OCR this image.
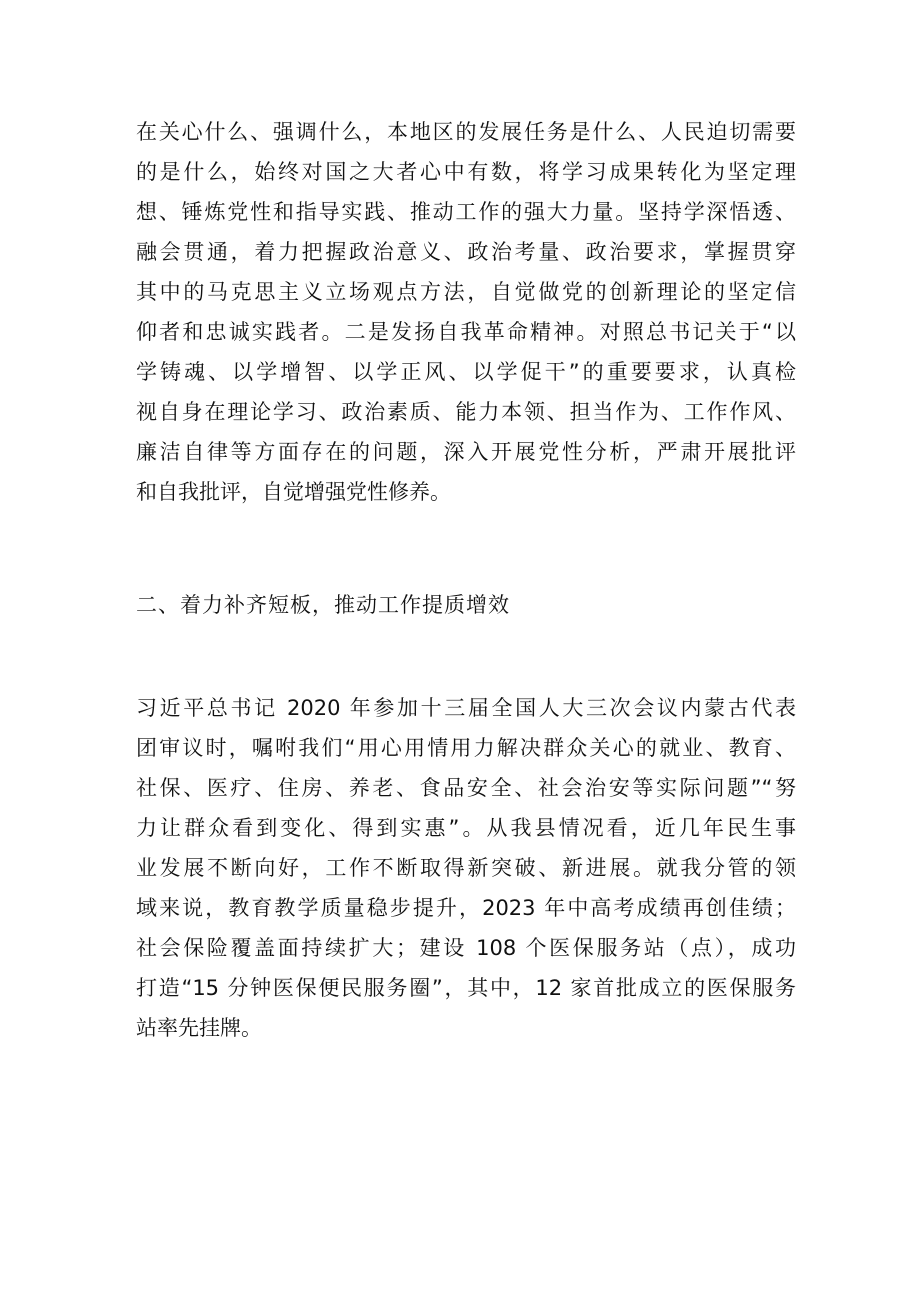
在关心什么、强调什么，本地区的发展任务是什么、人民迫切需要
的是什么，始终对国之大者心中有数，将学习成果转化为坚定理
想、锤炼党性和指导实践、推动工作的强大力量。坚持学深悟透、
融会贯通，着力把握政治意义、政治考量、政治要求，掌握贯穿
其中的马克思主义立场观点方法，自觉做党的创新理论的坚定信
仰者和忠诚实践者。二是发扬自我革命精神。对照总书记关于“以
学铸魂、以学增智、以学正风、以学促干”的重要要求，认真检
视自身在理论学习、政治素质、能力本领、担当作为、工作作风、
廉洁自律等方面存在的问题，深入开展党性分析，严肃开展批评
和自我批评，自觉增强党性修养。
二、着力补齐短板，推动工作提质增效
习近平总书记 2020 年参加十三届全国人大三次会议内蒙古代表
团审议时，嘱咐我们“用心用情用力解决群众关心的就业、教育、
社保、医疗、住房、养老、食品安全、社会治安等实际问题”“努
力让群众看到变化、得到实惠”。从我县情况看，近几年民生事
业发展不断向好，工作不断取得新突破、新进展。就我分管的领
域来说，教育教学质量稳步提升，2023 年中高考成绩再创佳绩；
社会保险覆盖面持续扩大；建设 108 个医保服务站（点），成功
打造“15 分钟医保便民服务圈”，其中，12 家首批成立的医保服务
站率先挂牌。
